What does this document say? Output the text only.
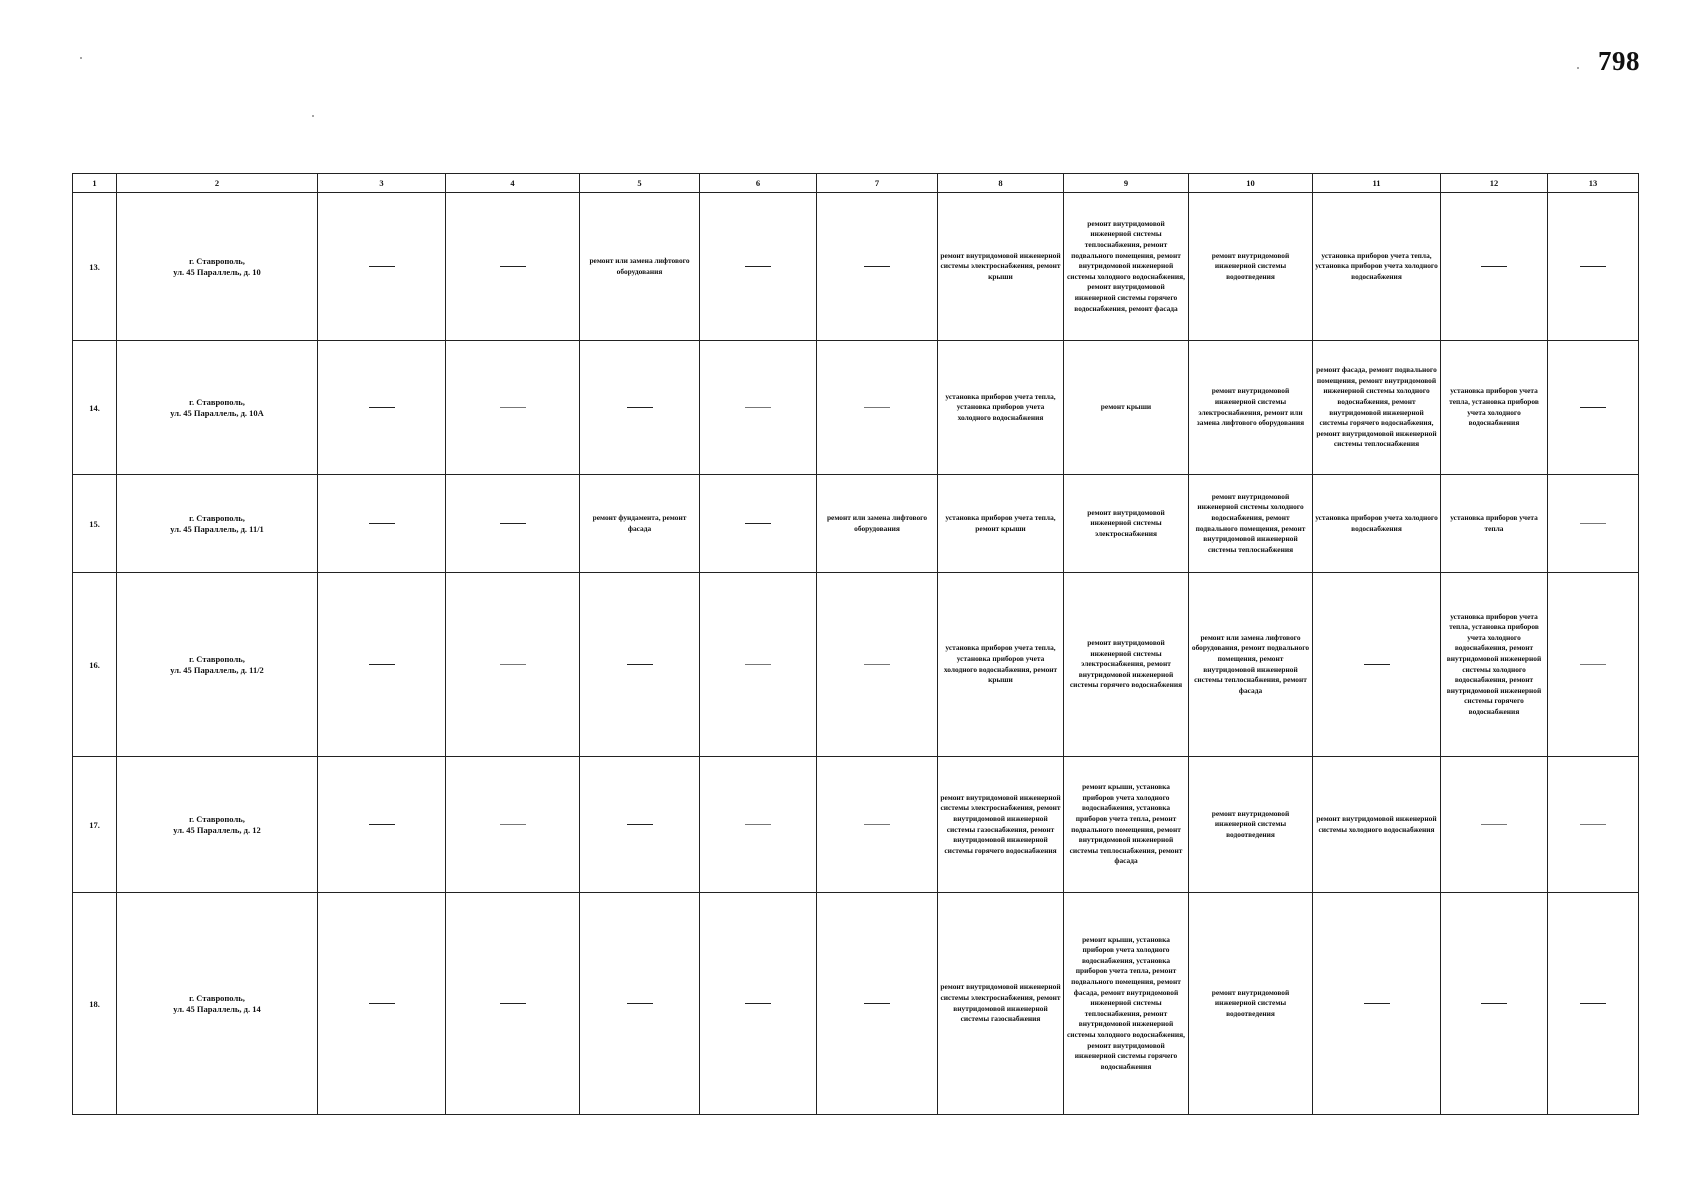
798
1	2	3	4	5	6	7	8	9	10	11	12	13
13.	г. Ставрополь,
ул. 45 Параллель, д. 10			ремонт или замена лифтового оборудования			ремонт внутридомовой инженерной системы электроснабжения, ремонт крыши	ремонт внутридомовой инженерной системы теплоснабжения, ремонт подвального помещения, ремонт внутридомовой инженерной системы холодного водоснабжения, ремонт внутридомовой инженерной системы горячего водоснабжения, ремонт фасада	ремонт внутридомовой инженерной системы водоотведения	установка приборов учета тепла, установка приборов учета холодного водоснабжения		
14.	г. Ставрополь,
ул. 45 Параллель, д. 10А						установка приборов учета тепла, установка приборов учета холодного водоснабжения	ремонт крыши	ремонт внутридомовой инженерной системы электроснабжения, ремонт или замена лифтового оборудования	ремонт фасада, ремонт подвального помещения, ремонт внутридомовой инженерной системы холодного водоснабжения, ремонт внутридомовой инженерной системы горячего водоснабжения, ремонт внутридомовой инженерной системы теплоснабжения	установка приборов учета тепла, установка приборов учета холодного водоснабжения	
15.	г. Ставрополь,
ул. 45 Параллель, д. 11/1			ремонт фундамента, ремонт фасада		ремонт или замена лифтового оборудования	установка приборов учета тепла, ремонт крыши	ремонт внутридомовой инженерной системы электроснабжения	ремонт внутридомовой инженерной системы холодного водоснабжения, ремонт подвального помещения, ремонт внутридомовой инженерной системы теплоснабжения	установка приборов учета холодного водоснабжения	установка приборов учета тепла	
16.	г. Ставрополь,
ул. 45 Параллель, д. 11/2						установка приборов учета тепла, установка приборов учета холодного водоснабжения, ремонт крыши	ремонт внутридомовой инженерной системы электроснабжения, ремонт внутридомовой инженерной системы горячего водоснабжения	ремонт или замена лифтового оборудования, ремонт подвального помещения, ремонт внутридомовой инженерной системы теплоснабжения, ремонт фасада		установка приборов учета тепла, установка приборов учета холодного водоснабжения, ремонт внутридомовой инженерной системы холодного водоснабжения, ремонт внутридомовой инженерной системы горячего водоснабжения	
17.	г. Ставрополь,
ул. 45 Параллель, д. 12						ремонт внутридомовой инженерной системы электроснабжения, ремонт внутридомовой инженерной системы газоснабжения, ремонт внутридомовой инженерной системы горячего водоснабжения	ремонт крыши, установка приборов учета холодного водоснабжения, установка приборов учета тепла, ремонт подвального помещения, ремонт внутридомовой инженерной системы теплоснабжения, ремонт фасада	ремонт внутридомовой инженерной системы водоотведения	ремонт внутридомовой инженерной системы холодного водоснабжения		
18.	г. Ставрополь,
ул. 45 Параллель, д. 14						ремонт внутридомовой инженерной системы электроснабжения, ремонт внутридомовой инженерной системы газоснабжения	ремонт крыши, установка приборов учета холодного водоснабжения, установка приборов учета тепла, ремонт подвального помещения, ремонт фасада, ремонт внутридомовой инженерной системы теплоснабжения, ремонт внутридомовой инженерной системы холодного водоснабжения, ремонт внутридомовой инженерной системы горячего водоснабжения	ремонт внутридомовой инженерной системы водоотведения			
